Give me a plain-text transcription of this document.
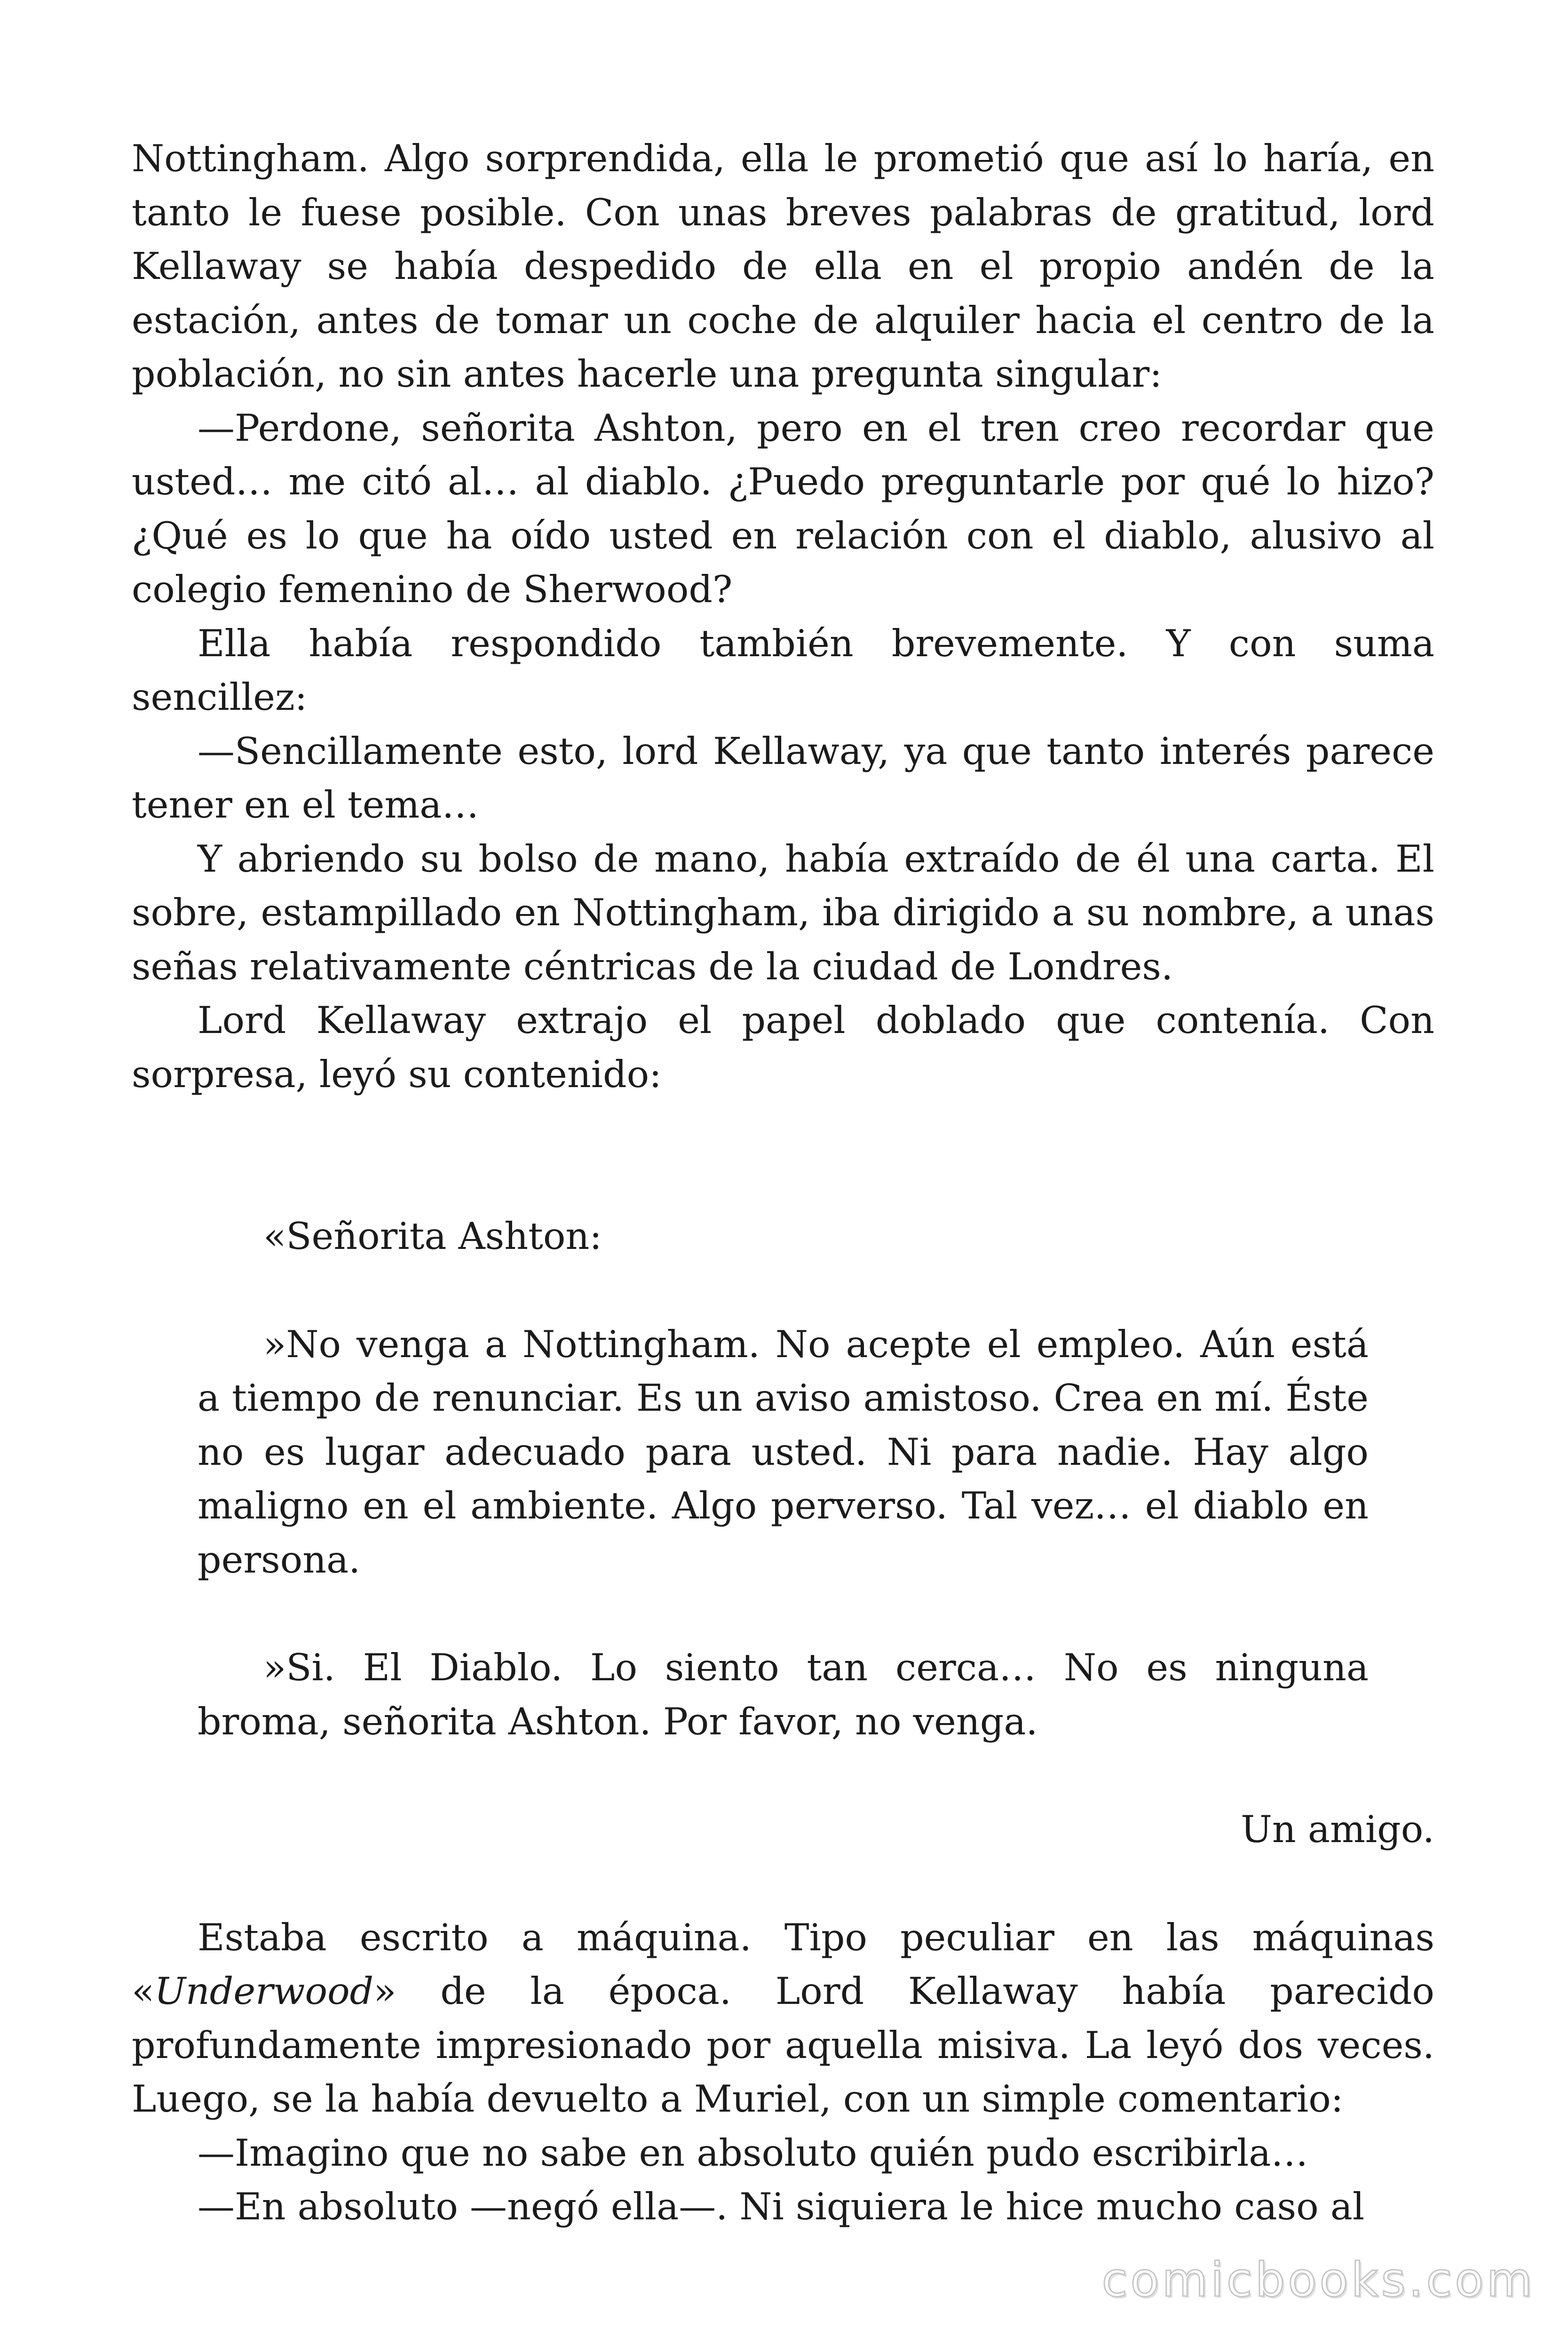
Nottingham. Algo sorprendida, ella le prometió que así lo haría, en tanto le fuese posible. Con unas breves palabras de gratitud, lord Kellaway se había despedido de ella en el propio andén de la estación, antes de tomar un coche de alquiler hacia el centro de la población, no sin antes hacerle una pregunta singular:

—Perdone, señorita Ashton, pero en el tren creo recordar que usted… me citó al… al diablo. ¿Puedo preguntarle por qué lo hizo? ¿Qué es lo que ha oído usted en relación con el diablo, alusivo al colegio femenino de Sherwood?

Ella había respondido también brevemente. Y con suma sencillez:

—Sencillamente esto, lord Kellaway, ya que tanto interés parece tener en el tema…

Y abriendo su bolso de mano, había extraído de él una carta. El sobre, estampillado en Nottingham, iba dirigido a su nombre, a unas señas relativamente céntricas de la ciudad de Londres.

Lord Kellaway extrajo el papel doblado que contenía. Con sorpresa, leyó su contenido:

«Señorita Ashton:

»No venga a Nottingham. No acepte el empleo. Aún está a tiempo de renunciar. Es un aviso amistoso. Crea en mí. Éste no es lugar adecuado para usted. Ni para nadie. Hay algo maligno en el ambiente. Algo perverso. Tal vez… el diablo en persona.

»Si. El Diablo. Lo siento tan cerca… No es ninguna broma, señorita Ashton. Por favor, no venga.

Un amigo.

Estaba escrito a máquina. Tipo peculiar en las máquinas «Underwood» de la época. Lord Kellaway había parecido profundamente impresionado por aquella misiva. La leyó dos veces. Luego, se la había devuelto a Muriel, con un simple comentario:

—Imagino que no sabe en absoluto quién pudo escribirla…

—En absoluto —negó ella—. Ni siquiera le hice mucho caso al

comicbooks.com
